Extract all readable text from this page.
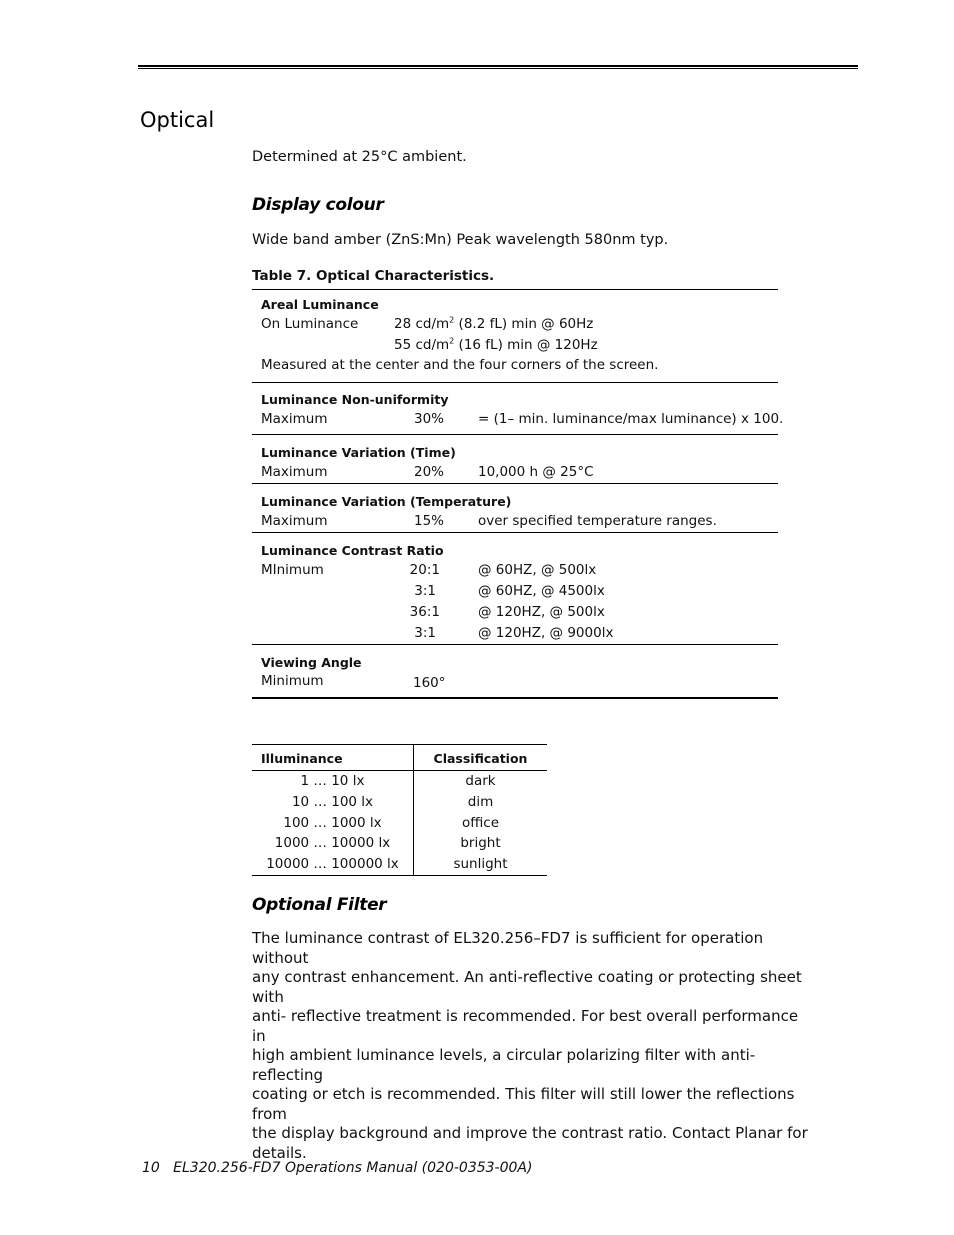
Optical
Determined at 25°C ambient.
Display colour
Wide band amber (ZnS:Mn) Peak wavelength 580nm typ.
Table 7. Optical Characteristics.
Areal Luminance
On Luminance	28 $cd/m^2$ (8.2 fL) min @ 60Hz
55 $cd/m^2$ (16 fL) min @ 120Hz
Measured at the center and the four corners of the screen.
Luminance Non-uniformity
Maximum	30%	= (1– min. luminance/max luminance) x 100.
Luminance Variation (Time)
Maximum	20%	10,000 h @ 25°C
Luminance Variation (Temperature)
Maximum	15%	over specified temperature ranges.
Luminance Contrast Ratio
MInimum	20:1	@ 60HZ, @ 500lx
3:1	@ 60HZ, @ 4500lx
36:1	@ 120HZ, @ 500lx
3:1	@ 120HZ, @ 9000lx
Viewing Angle
Minimum	160°
Illuminance	Classification
1 … 10 lx	dark
10 … 100 lx	dim
100 … 1000 lx	office
1000 … 10000 lx	bright
10000 … 100000 lx	sunlight
Optional Filter
The luminance contrast of EL320.256–FD7 is sufficient for operation without
any contrast enhancement. An anti-reflective coating or protecting sheet with
anti- reflective treatment is recommended. For best overall performance in
high ambient luminance levels, a circular polarizing filter with anti-reflecting
coating or etch is recommended. This filter will still lower the reflections from
the display background and improve the contrast ratio. Contact Planar for
details.
10   EL320.256-FD7 Operations Manual (020-0353-00A)
